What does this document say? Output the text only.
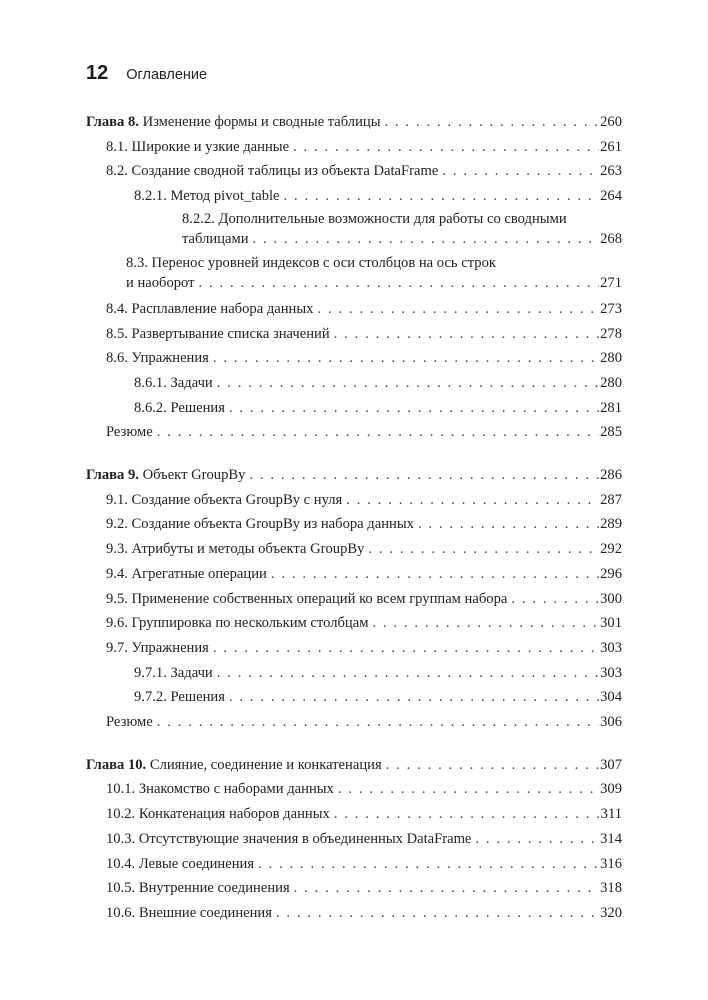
12 Оглавление
Глава 8. Изменение формы и сводные таблицы . . .	260
8.1. Широкие и узкие данные . . .	261
8.2. Создание сводной таблицы из объекта DataFrame . . .	263
8.2.1. Метод pivot_table . . .	264
8.2.2. Дополнительные возможности для работы со сводными
таблицами . . .	268
8.3. Перенос уровней индексов с оси столбцов на ось строк
и наоборот . . .	271
8.4. Расплавление набора данных . . .	273
8.5. Развертывание списка значений . . .	278
8.6. Упражнения . . .	280
8.6.1. Задачи . . .	280
8.6.2. Решения . . .	281
Резюме . . .	285
Глава 9. Объект GroupBy . . .	286
9.1. Создание объекта GroupBy с нуля . . .	287
9.2. Создание объекта GroupBy из набора данных . . .	289
9.3. Атрибуты и методы объекта GroupBy . . .	292
9.4. Агрегатные операции . . .	296
9.5. Применение собственных операций ко всем группам набора . . .	300
9.6. Группировка по нескольким столбцам . . .	301
9.7. Упражнения . . .	303
9.7.1. Задачи . . .	303
9.7.2. Решения . . .	304
Резюме . . .	306
Глава 10. Слияние, соединение и конкатенация . . .	307
10.1. Знакомство с наборами данных . . .	309
10.2. Конкатенация наборов данных . . .	311
10.3. Отсутствующие значения в объединенных DataFrame . . .	314
10.4. Левые соединения . . .	316
10.5. Внутренние соединения . . .	318
10.6. Внешние соединения . . .	320
